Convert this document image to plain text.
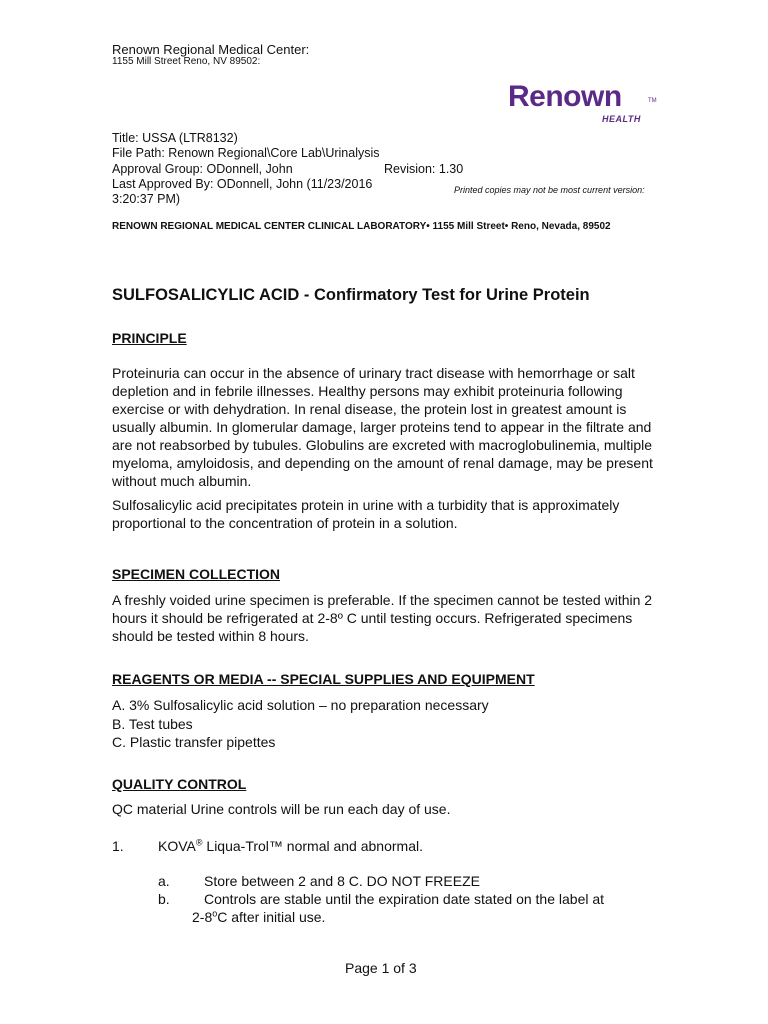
Renown Regional Medical Center:
1155 Mill Street Reno, NV 89502:
Renown	TM
HEALTH
Title: USSA (LTR8132)
File Path: Renown Regional\Core Lab\Urinalysis
Approval Group: ODonnell, John	Revision: 1.30
Last Approved By: ODonnell, John (11/23/2016
3:20:37 PM)
Printed copies may not be most current version:
RENOWN REGIONAL MEDICAL CENTER CLINICAL LABORATORY• 1155 Mill Street• Reno, Nevada, 89502
SULFOSALICYLIC ACID - Confirmatory Test for Urine Protein
PRINCIPLE
Proteinuria can occur in the absence of urinary tract disease with hemorrhage or salt depletion and in febrile illnesses. Healthy persons may exhibit proteinuria following exercise or with dehydration. In renal disease, the protein lost in greatest amount is usually albumin. In glomerular damage, larger proteins tend to appear in the filtrate and are not reabsorbed by tubules. Globulins are excreted with macroglobulinemia, multiple myeloma, amyloidosis, and depending on the amount of renal damage, may be present without much albumin.
Sulfosalicylic acid precipitates protein in urine with a turbidity that is approximately proportional to the concentration of protein in a solution.
SPECIMEN COLLECTION
A freshly voided urine specimen is preferable. If the specimen cannot be tested within 2 hours it should be refrigerated at 2-8º C until testing occurs. Refrigerated specimens should be tested within 8 hours.
REAGENTS OR MEDIA -- SPECIAL SUPPLIES AND EQUIPMENT
A. 3% Sulfosalicylic acid solution – no preparation necessary
B. Test tubes
C. Plastic transfer pipettes
QUALITY CONTROL
QC material Urine controls will be run each day of use.
1. KOVA® Liqua-Trol™ normal and abnormal.
a. Store between 2 and 8 C. DO NOT FREEZE
b. Controls are stable until the expiration date stated on the label at
2-8$^o$C after initial use.
Page 1 of 3
